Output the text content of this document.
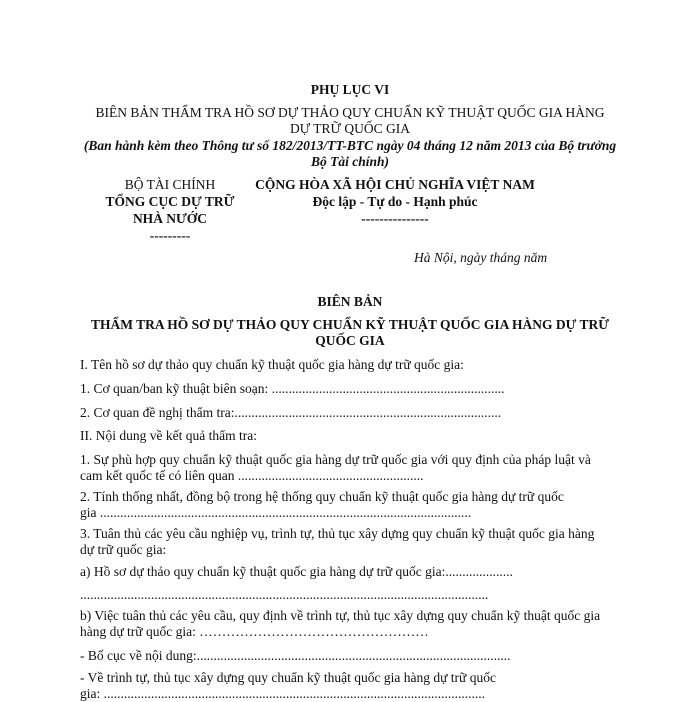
PHỤ LỤC VI
BIÊN BẢN THẨM TRA HỒ SƠ DỰ THẢO QUY CHUẨN KỸ THUẬT QUỐC GIA HÀNG
DỰ TRỮ QUỐC GIA
(Ban hành kèm theo Thông tư số 182/2013/TT-BTC ngày 04 tháng 12 năm 2013 của Bộ trưởng
Bộ Tài chính)
BỘ TÀI CHÍNH
TỔNG CỤC DỰ TRỮ
NHÀ NƯỚC
---------
CỘNG HÒA XÃ HỘI CHỦ NGHĨA VIỆT NAM
Độc lập - Tự do - Hạnh phúc
---------------
Hà Nội, ngày tháng năm
BIÊN BẢN
THẨM TRA HỒ SƠ DỰ THẢO QUY CHUẨN KỸ THUẬT QUỐC GIA HÀNG DỰ TRỮ
QUỐC GIA
I. Tên hồ sơ dự thảo quy chuẩn kỹ thuật quốc gia hàng dự trữ quốc gia:
1. Cơ quan/ban kỹ thuật biên soạn: .....................................................................
2. Cơ quan đề nghị thẩm tra:...............................................................................
II. Nội dung về kết quả thẩm tra:
1. Sự phù hợp quy chuẩn kỹ thuật quốc gia hàng dự trữ quốc gia với quy định của pháp luật và
cam kết quốc tế có liên quan .......................................................
2. Tính thống nhất, đồng bộ trong hệ thống quy chuẩn kỹ thuật quốc gia hàng dự trữ quốc
gia ..............................................................................................................
3. Tuân thủ các yêu cầu nghiệp vụ, trình tự, thủ tục xây dựng quy chuẩn kỹ thuật quốc gia hàng
dự trữ quốc gia:
a) Hồ sơ dự thảo quy chuẩn kỹ thuật quốc gia hàng dự trữ quốc gia:....................
.........................................................................................................................
b) Việc tuân thủ các yêu cầu, quy định về trình tự, thủ tục xây dựng quy chuẩn kỹ thuật quốc gia
hàng dự trữ quốc gia: ……………………………………………
- Bố cục về nội dung:.............................................................................................
- Về trình tự, thủ tục xây dựng quy chuẩn kỹ thuật quốc gia hàng dự trữ quốc
gia: .................................................................................................................
